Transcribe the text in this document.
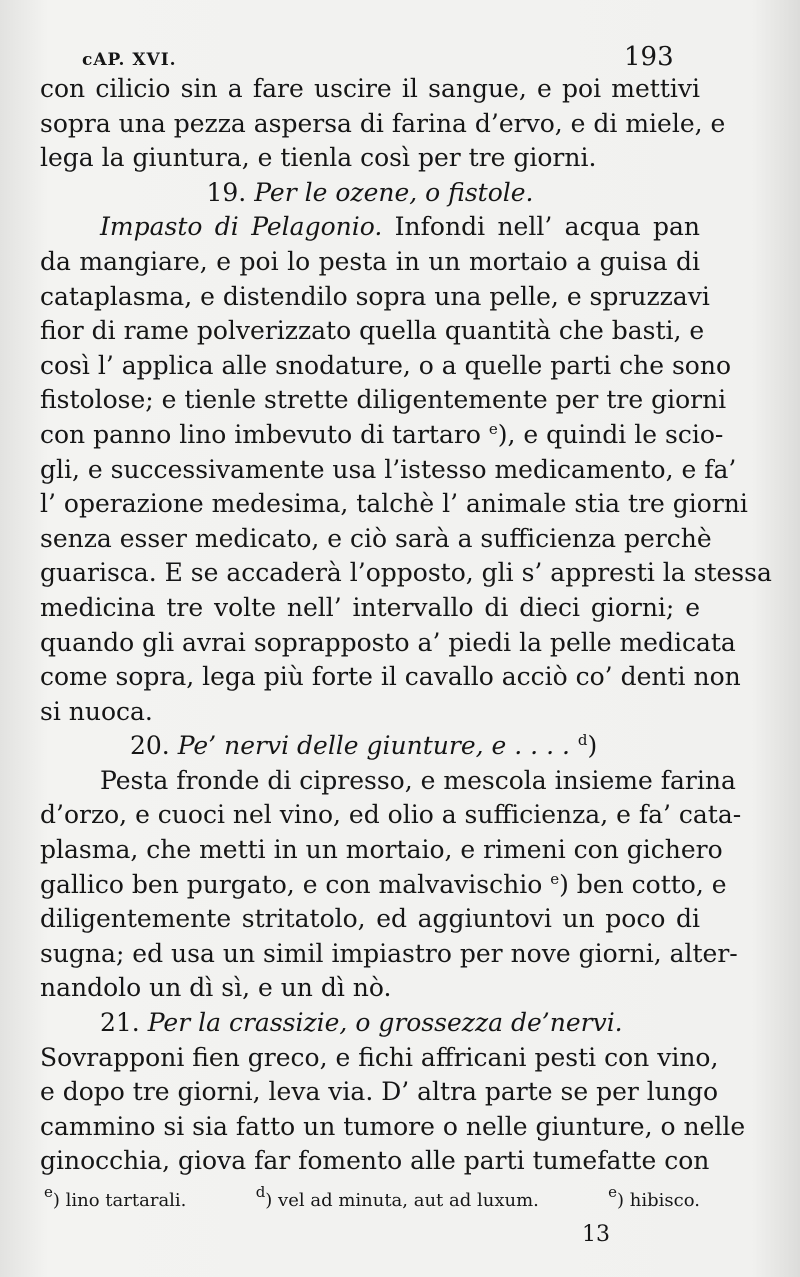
cAP. XVI.	193
con cilicio sin a fare uscire il sangue, e poi mettivi
sopra una pezza aspersa di farina d’ervo, e di miele, e
lega la giuntura, e tienla così per tre giorni.
19. Per le ozene, o fistole.
Impasto di Pelagonio. Infondi nell’ acqua pan
da mangiare, e poi lo pesta in un mortaio a guisa di
cataplasma, e distendilo sopra una pelle, e spruzzavi
fior di rame polverizzato quella quantità che basti, e
così l’ applica alle snodature, o a quelle parti che sono
fistolose; e tienle strette diligentemente per tre giorni
con panno lino imbevuto di tartaro $^e$), e quindi le scio-
gli, e successivamente usa l’istesso medicamento, e fa’
l’ operazione medesima, talchè l’ animale stia tre giorni
senza esser medicato, e ciò sarà a sufficienza perchè
guarisca. E se accaderà l’opposto, gli s’ appresti la stessa
medicina tre volte nell’ intervallo di dieci giorni; e
quando gli avrai soprapposto a’ piedi la pelle medicata
come sopra, lega più forte il cavallo acciò co’ denti non
si nuoca.
20. Pe’ nervi delle giunture, e . . . . $^d$)
Pesta fronde di cipresso, e mescola insieme farina
d’orzo, e cuoci nel vino, ed olio a sufficienza, e fa’ cata-
plasma, che metti in un mortaio, e rimeni con gichero
gallico ben purgato, e con malvavischio $^e$) ben cotto, e
diligentemente stritatolo, ed aggiuntovi un poco di
sugna; ed usa un simil impiastro per nove giorni, alter-
nandolo un dì sì, e un dì nò.
21. Per la crassizie, o grossezza de’nervi.
Sovrapponi fien greco, e fichi affricani pesti con vino,
e dopo tre giorni, leva via. D’ altra parte se per lungo
cammino si sia fatto un tumore o nelle giunture, o nelle
ginocchia, giova far fomento alle parti tumefatte con
$^e$) lino tartarali.	$^d$) vel ad minuta, aut ad luxum.	$^e$) hibisco.
13
